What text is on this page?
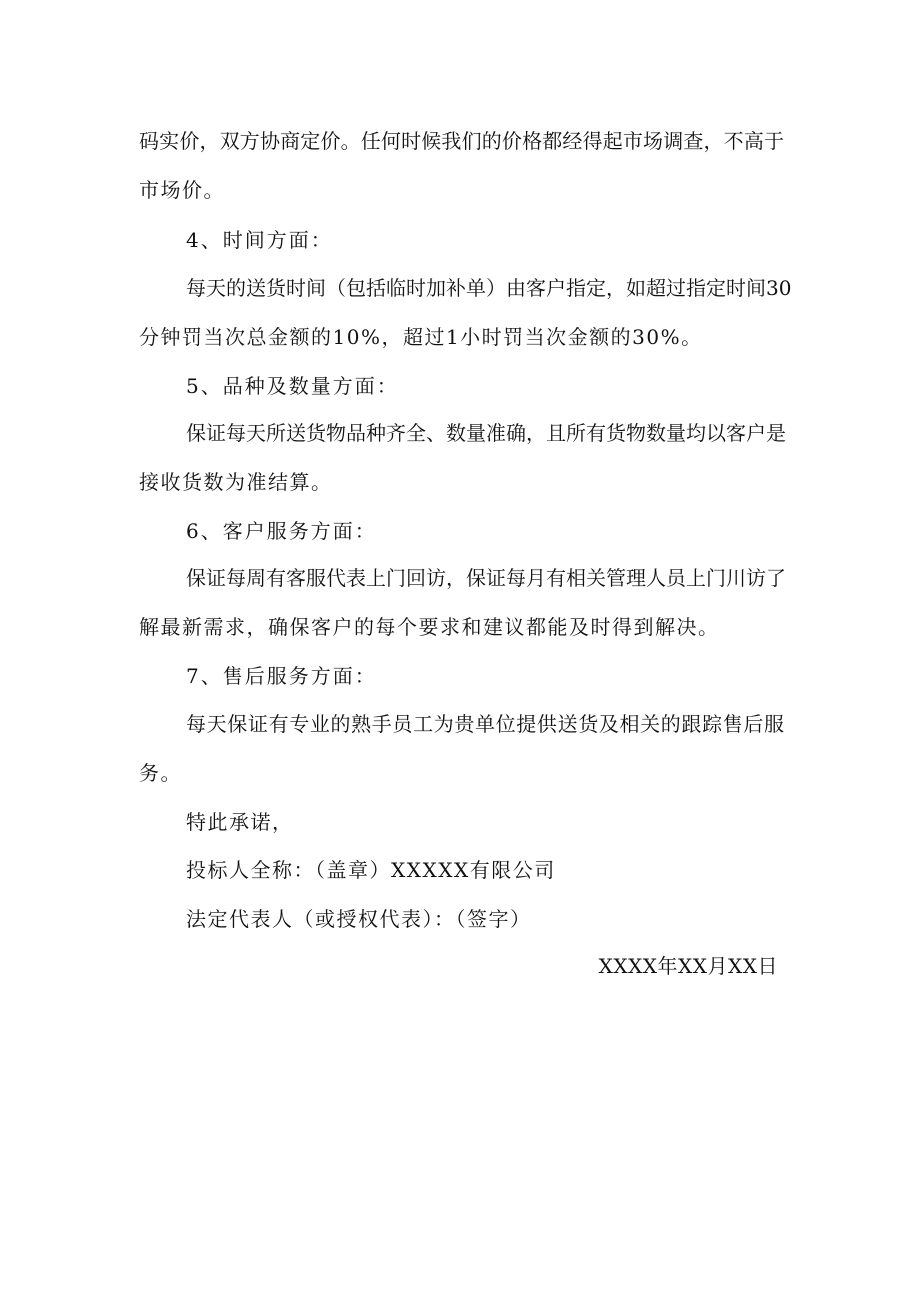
码实价，双方协商定价。任何时候我们的价格都经得起市场调查，不高于
市场价。
4、时间方面：
每天的送货时间（包括临时加补单）由客户指定，如超过指定时间30
分钟罚当次总金额的10%，超过1小时罚当次金额的30%。
5、品种及数量方面：
保证每天所送货物品种齐全、数量准确，且所有货物数量均以客户是
接收货数为准结算。
6、客户服务方面：
保证每周有客服代表上门回访，保证每月有相关管理人员上门川访了
解最新需求，确保客户的每个要求和建议都能及时得到解决。
7、售后服务方面：
每天保证有专业的熟手员工为贵单位提供送货及相关的跟踪售后服
务。
特此承诺，
投标人全称：（盖章）XXXXX有限公司
法定代表人（或授权代表）：（签字）
XXXX年XX月XX日
